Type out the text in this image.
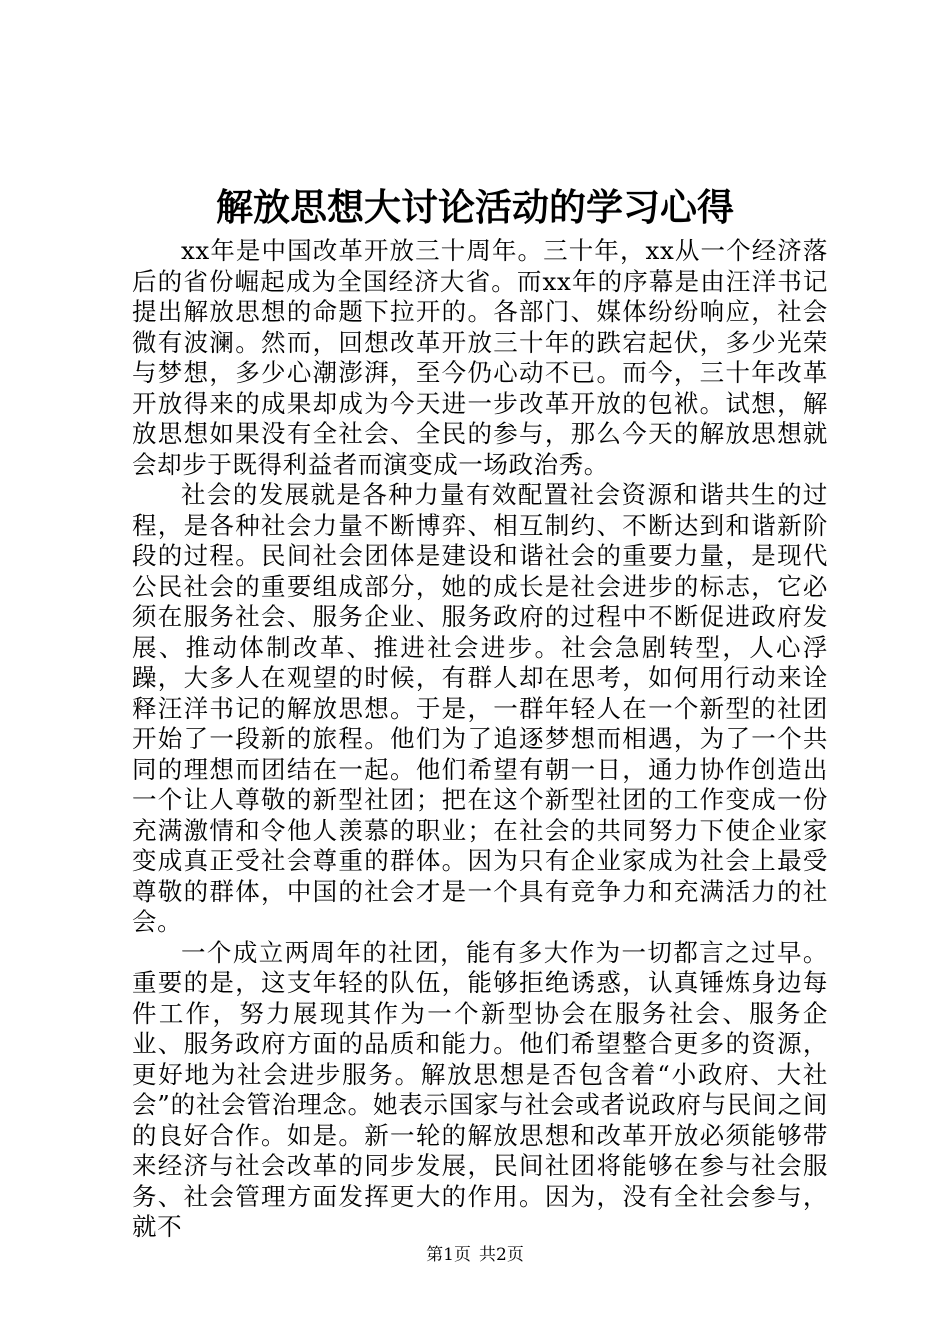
解放思想大讨论活动的学习心得

xx年是中国改革开放三十周年。三十年，xx从一个经济落后的省份崛起成为全国经济大省。而xx年的序幕是由汪洋书记提出解放思想的命题下拉开的。各部门、媒体纷纷响应，社会微有波澜。然而，回想改革开放三十年的跌宕起伏，多少光荣与梦想，多少心潮澎湃，至今仍心动不已。而今，三十年改革开放得来的成果却成为今天进一步改革开放的包袱。试想，解放思想如果没有全社会、全民的参与，那么今天的解放思想就会却步于既得利益者而演变成一场政治秀。

社会的发展就是各种力量有效配置社会资源和谐共生的过程，是各种社会力量不断博弈、相互制约、不断达到和谐新阶段的过程。民间社会团体是建设和谐社会的重要力量，是现代公民社会的重要组成部分，她的成长是社会进步的标志，它必须在服务社会、服务企业、服务政府的过程中不断促进政府发展、推动体制改革、推进社会进步。社会急剧转型，人心浮躁，大多人在观望的时候，有群人却在思考，如何用行动来诠释汪洋书记的解放思想。于是，一群年轻人在一个新型的社团开始了一段新的旅程。他们为了追逐梦想而相遇，为了一个共同的理想而团结在一起。他们希望有朝一日，通力协作创造出一个让人尊敬的新型社团；把在这个新型社团的工作变成一份充满激情和令他人羡慕的职业；在社会的共同努力下使企业家变成真正受社会尊重的群体。因为只有企业家成为社会上最受尊敬的群体，中国的社会才是一个具有竞争力和充满活力的社会。

一个成立两周年的社团，能有多大作为一切都言之过早。重要的是，这支年轻的队伍，能够拒绝诱惑，认真锤炼身边每件工作，努力展现其作为一个新型协会在服务社会、服务企业、服务政府方面的品质和能力。他们希望整合更多的资源，更好地为社会进步服务。解放思想是否包含着“小政府、大社会”的社会管治理念。她表示国家与社会或者说政府与民间之间的良好合作。如是。新一轮的解放思想和改革开放必须能够带来经济与社会改革的同步发展，民间社团将能够在参与社会服务、社会管理方面发挥更大的作用。因为，没有全社会参与，就不

第1页 共2页
